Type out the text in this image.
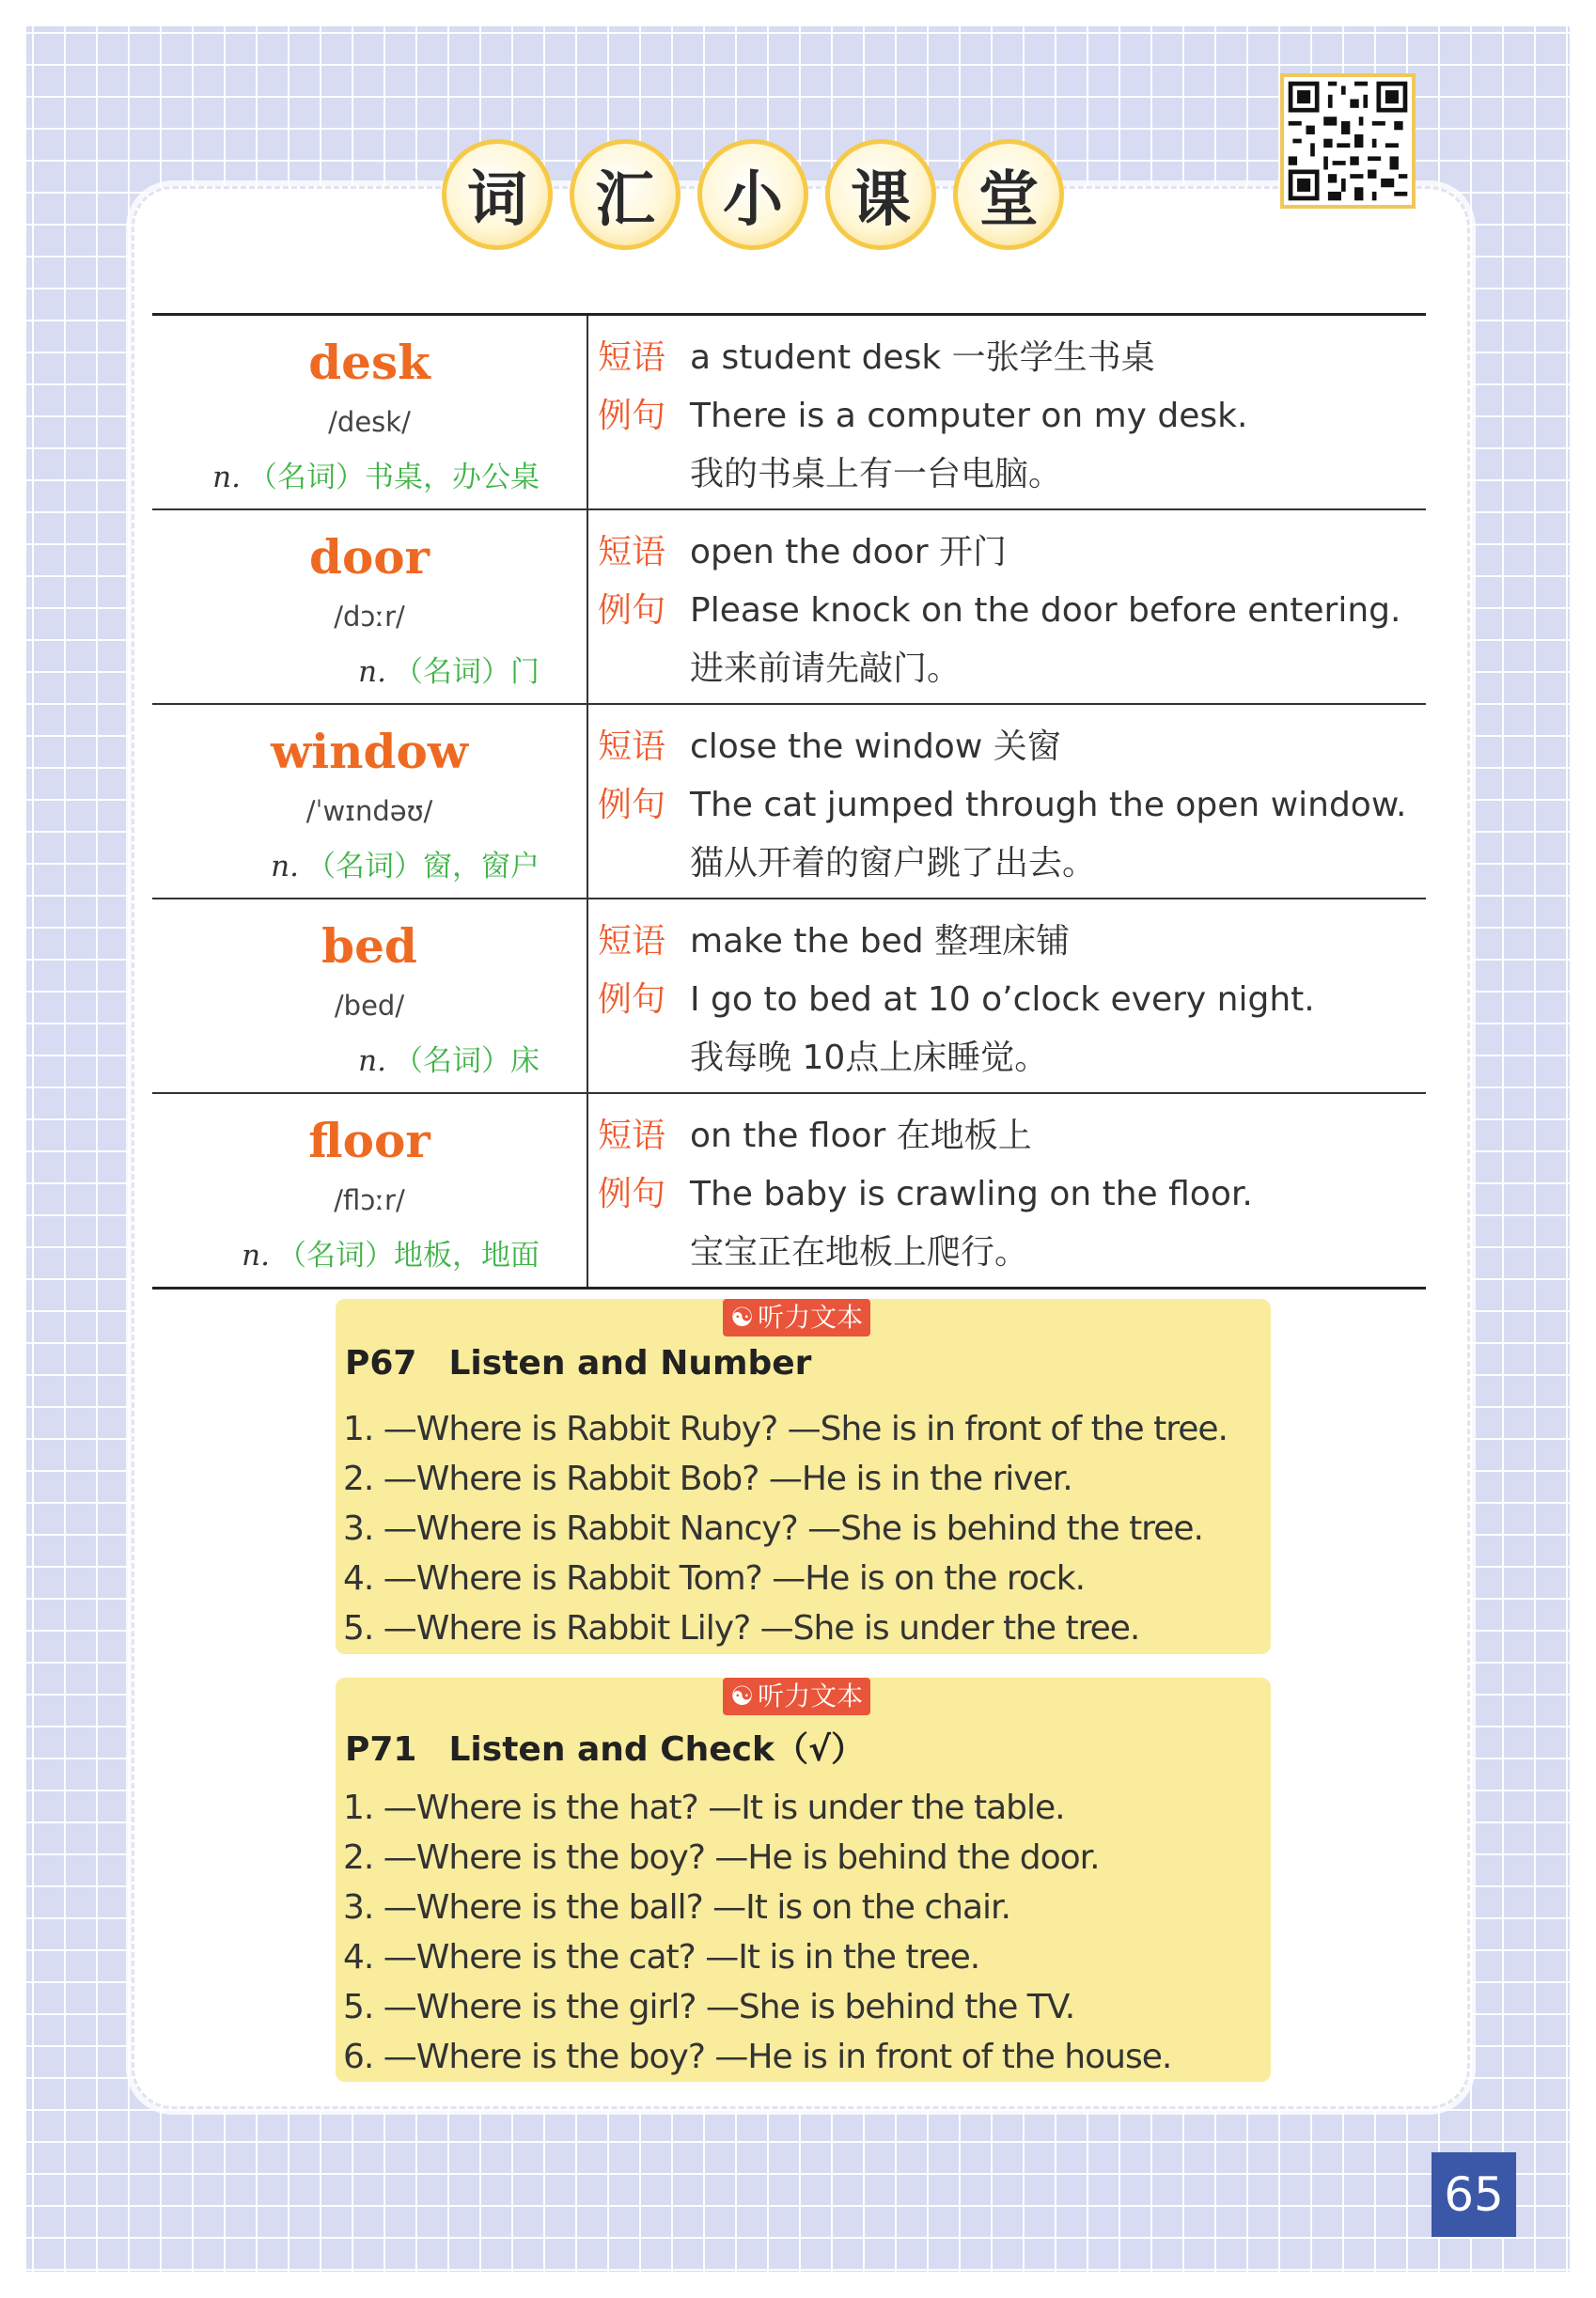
词	汇	小	课	堂
desk
/desk/
n. （名词）书桌，办公桌
短语 a student desk 一张学生书桌
例句 There is a computer on my desk.
我的书桌上有一台电脑。
door
/dɔːr/
n. （名词）门
短语 open the door 开门
例句 Please knock on the door before entering.
进来前请先敲门。
window
/ˈwɪndəʊ/
n. （名词）窗，窗户
短语 close the window 关窗
例句 The cat jumped through the open window.
猫从开着的窗户跳了出去。
bed
/bed/
n. （名词）床
短语 make the bed 整理床铺
例句 I go to bed at 10 o’clock every night.
我每晚 10点上床睡觉。
floor
/flɔːr/
n. （名词）地板，地面
短语 on the floor 在地板上
例句 The baby is crawling on the floor.
宝宝正在地板上爬行。
☯ 听力文本
P67 Listen and Number
1. —Where is Rabbit Ruby? —She is in front of the tree.
2. —Where is Rabbit Bob? —He is in the river.
3. —Where is Rabbit Nancy? —She is behind the tree.
4. —Where is Rabbit Tom? —He is on the rock.
5. —Where is Rabbit Lily? —She is under the tree.
☯ 听力文本
P71 Listen and Check（√）
1. —Where is the hat? —It is under the table.
2. —Where is the boy? —He is behind the door.
3. —Where is the ball? —It is on the chair.
4. —Where is the cat? —It is in the tree.
5. —Where is the girl? —She is behind the TV.
6. —Where is the boy? —He is in front of the house.
65
